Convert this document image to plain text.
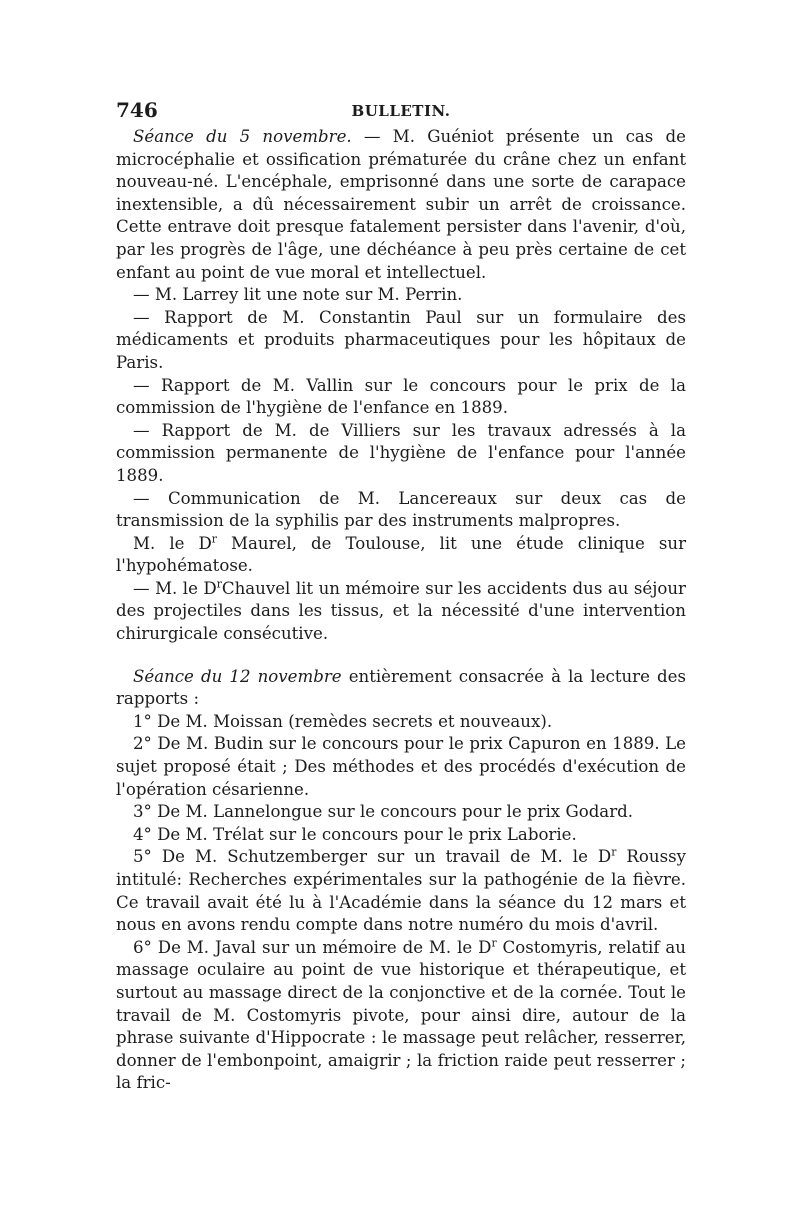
746	BULLETIN.

Séance du 5 novembre. — M. Guéniot présente un cas de microcéphalie et ossification prématurée du crâne chez un enfant nouveau-né. L'encéphale, emprisonné dans une sorte de carapace inextensible, a dû nécessairement subir un arrêt de croissance. Cette entrave doit presque fatalement persister dans l'avenir, d'où, par les progrès de l'âge, une déchéance à peu près certaine de cet enfant au point de vue moral et intellectuel.

— M. Larrey lit une note sur M. Perrin.

— Rapport de M. Constantin Paul sur un formulaire des médicaments et produits pharmaceutiques pour les hôpitaux de Paris.

— Rapport de M. Vallin sur le concours pour le prix de la commission de l'hygiène de l'enfance en 1889.

— Rapport de M. de Villiers sur les travaux adressés à la commission permanente de l'hygiène de l'enfance pour l'année 1889.

— Communication de M. Lancereaux sur deux cas de transmission de la syphilis par des instruments malpropres.

M. le $D^r$ Maurel, de Toulouse, lit une étude clinique sur l'hypohématose.

— M. le $D^rChauvel$ lit un mémoire sur les accidents dus au séjour des projectiles dans les tissus, et la nécessité d'une intervention chirurgicale consécutive.

Séance du 12 novembre entièrement consacrée à la lecture des rapports :

1° De M. Moissan (remèdes secrets et nouveaux).

2° De M. Budin sur le concours pour le prix Capuron en 1889. Le sujet proposé était ; Des méthodes et des procédés d'exécution de l'opération césarienne.

3° De M. Lannelongue sur le concours pour le prix Godard.

4° De M. Trélat sur le concours pour le prix Laborie.

5° De M. Schutzemberger sur un travail de M. le $D^r$ Roussy intitulé: Recherches expérimentales sur la pathogénie de la fièvre. Ce travail avait été lu à l'Académie dans la séance du 12 mars et nous en avons rendu compte dans notre numéro du mois d'avril.

6° De M. Javal sur un mémoire de M. le $D^r$ Costomyris, relatif au massage oculaire au point de vue historique et thérapeutique, et surtout au massage direct de la conjonctive et de la cornée. Tout le travail de M. Costomyris pivote, pour ainsi dire, autour de la phrase suivante d'Hippocrate : le massage peut relâcher, resserrer, donner de l'embonpoint, amaigrir ; la friction raide peut resserrer ; la fric-
